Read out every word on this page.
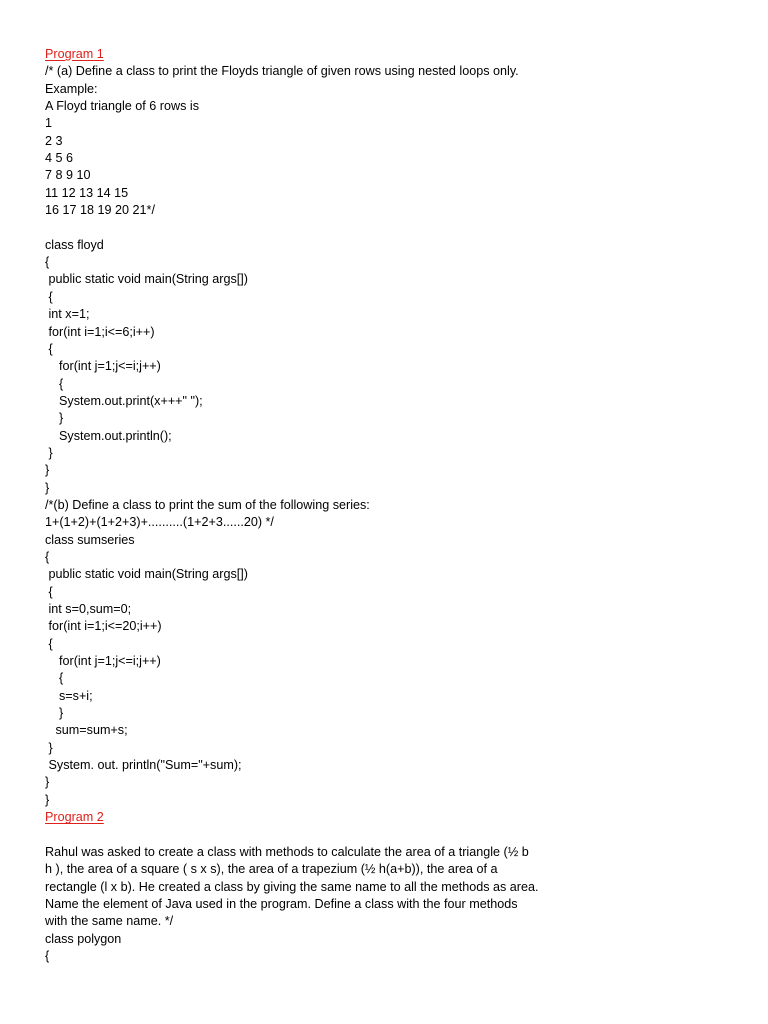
Program 1
/* (a) Define a class to print the Floyds triangle of given rows using nested loops only.
Example:
A Floyd triangle of 6 rows is
1
2 3
4 5 6
7 8 9 10
11 12 13 14 15
16 17 18 19 20 21*/
class floyd
{
public static void main(String args[])
{
int x=1;
for(int i=1;i<=6;i++)
{
for(int j=1;j<=i;j++)
{
System.out.print(x+++" ");
}
System.out.println();
}
}
}
/*(b) Define a class to print the sum of the following series:
1+(1+2)+(1+2+3)+..........(1+2+3......20) */
class sumseries
{
public static void main(String args[])
{
int s=0,sum=0;
for(int i=1;i<=20;i++)
{
for(int j=1;j<=i;j++)
{
s=s+i;
}
sum=sum+s;
}
System. out. println("Sum="+sum);
}
}
Program 2
Rahul was asked to create a class with methods to calculate the area of a triangle (½ b
h ), the area of a square ( s x s), the area of a trapezium (½ h(a+b)), the area of a
rectangle (l x b). He created a class by giving the same name to all the methods as area.
Name the element of Java used in the program. Define a class with the four methods
with the same name. */
class polygon
{
